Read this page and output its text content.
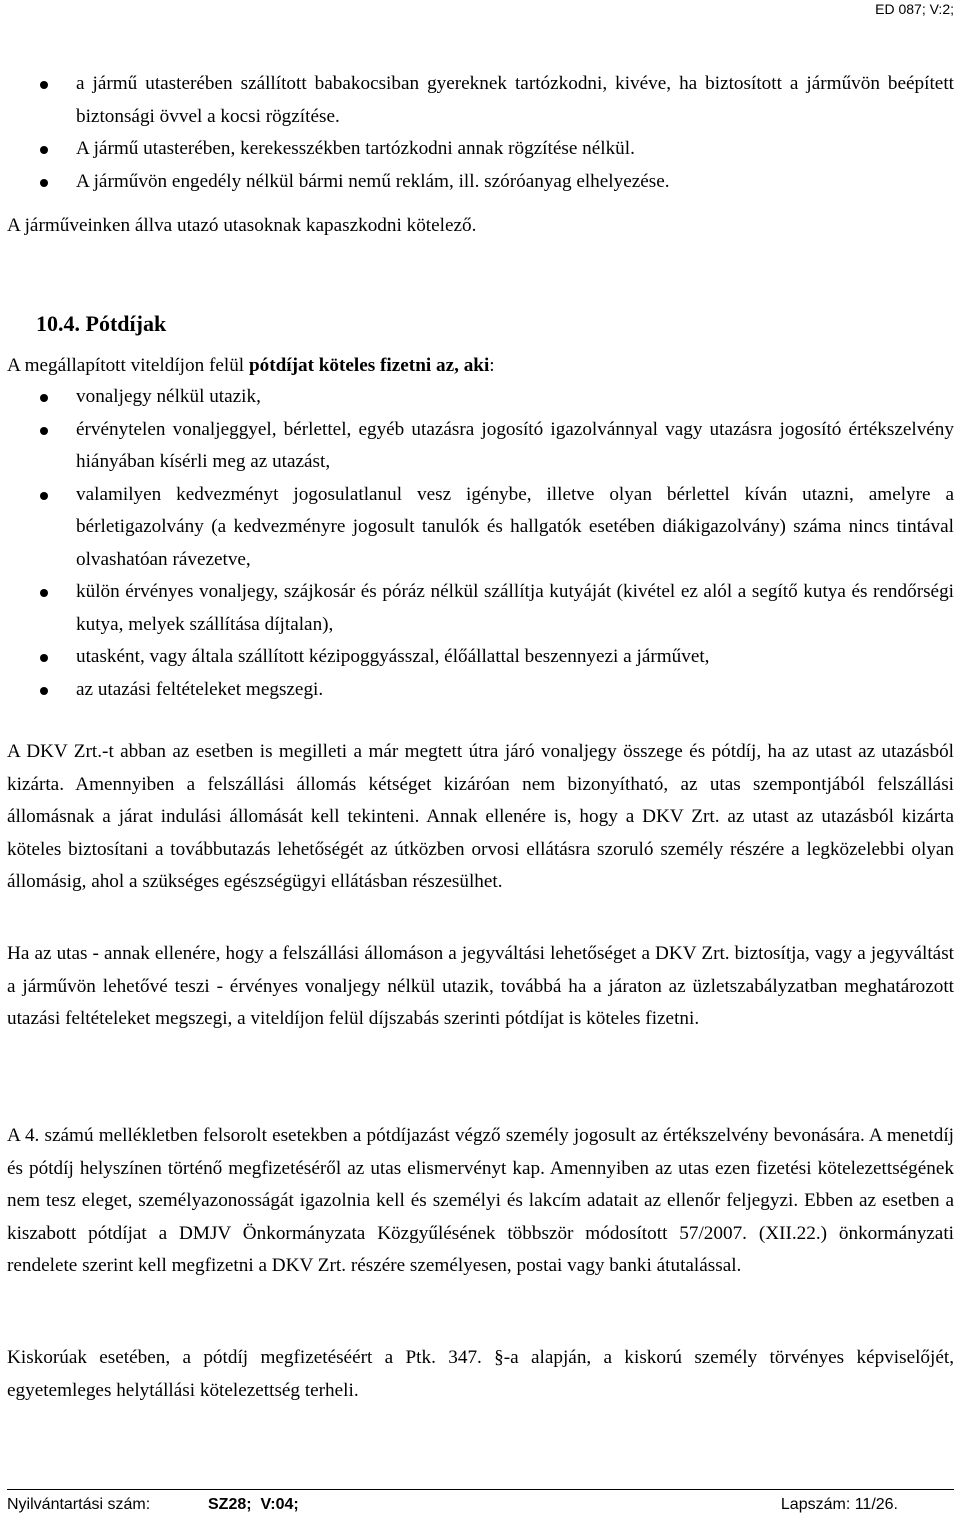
ED 087; V:2;
a jármű utasterében szállított babakocsiban gyereknek tartózkodni, kivéve, ha biztosított a járművön beépített biztonsági övvel a kocsi rögzítése.
A jármű utasterében, kerekesszékben tartózkodni annak rögzítése nélkül.
A járművön engedély nélkül bármi nemű reklám, ill. szóróanyag elhelyezése.
A járműveinken állva utazó utasoknak kapaszkodni kötelező.
10.4. Pótdíjak
A megállapított viteldíjon felül pótdíjat köteles fizetni az, aki:
vonaljegy nélkül utazik,
érvénytelen vonaljeggyel, bérlettel, egyéb utazásra jogosító igazolvánnyal vagy utazásra jogosító értékszelvény hiányában kísérli meg az utazást,
valamilyen kedvezményt jogosulatlanul vesz igénybe, illetve olyan bérlettel kíván utazni, amelyre a bérletigazolvány (a kedvezményre jogosult tanulók és hallgatók esetében diákigazolvány) száma nincs tintával olvashatóan rávezetve,
külön érvényes vonaljegy, szájkosár és póráz nélkül szállítja kutyáját (kivétel ez alól a segítő kutya és rendőrségi kutya, melyek szállítása díjtalan),
utasként, vagy általa szállított kézipoggyásszal, élőállattal beszennyezi a járművet,
az utazási feltételeket megszegi.

A DKV Zrt.-t abban az esetben is megilleti a már megtett útra járó vonaljegy összege és pótdíj, ha az utast az utazásból kizárta. Amennyiben a felszállási állomás kétséget kizáróan nem bizonyítható, az utas szempontjából felszállási állomásnak a járat indulási állomását kell tekinteni. Annak ellenére is, hogy a DKV Zrt. az utast az utazásból kizárta köteles biztosítani a továbbutazás lehetőségét az útközben orvosi ellátásra szoruló személy részére a legközelebbi olyan állomásig, ahol a szükséges egészségügyi ellátásban részesülhet.

Ha az utas - annak ellenére, hogy a felszállási állomáson a jegyváltási lehetőséget a DKV Zrt. biztosítja, vagy a jegyváltást a járművön lehetővé teszi - érvényes vonaljegy nélkül utazik, továbbá ha a járaton az üzletszabályzatban meghatározott utazási feltételeket megszegi, a viteldíjon felül díjszabás szerinti pótdíjat is köteles fizetni.

A 4. számú mellékletben felsorolt esetekben a pótdíjazást végző személy jogosult az értékszelvény bevonására. A menetdíj és pótdíj helyszínen történő megfizetéséről az utas elismervényt kap. Amennyiben az utas ezen fizetési kötelezettségének nem tesz eleget, személyazonosságát igazolnia kell és személyi és lakcím adatait az ellenőr feljegyzi. Ebben az esetben a kiszabott pótdíjat a DMJV Önkormányzata Közgyűlésének többször módosított 57/2007. (XII.22.) önkormányzati rendelete szerint kell megfizetni a DKV Zrt. részére személyesen, postai vagy banki átutalással.

Kiskorúak esetében, a pótdíj megfizetéséért a Ptk. 347. §-a alapján, a kiskorú személy törvényes képviselőjét, egyetemleges helytállási kötelezettség terheli.

Nyilvántartási szám:	SZ28;  V:04;	Lapszám: 11/26.
